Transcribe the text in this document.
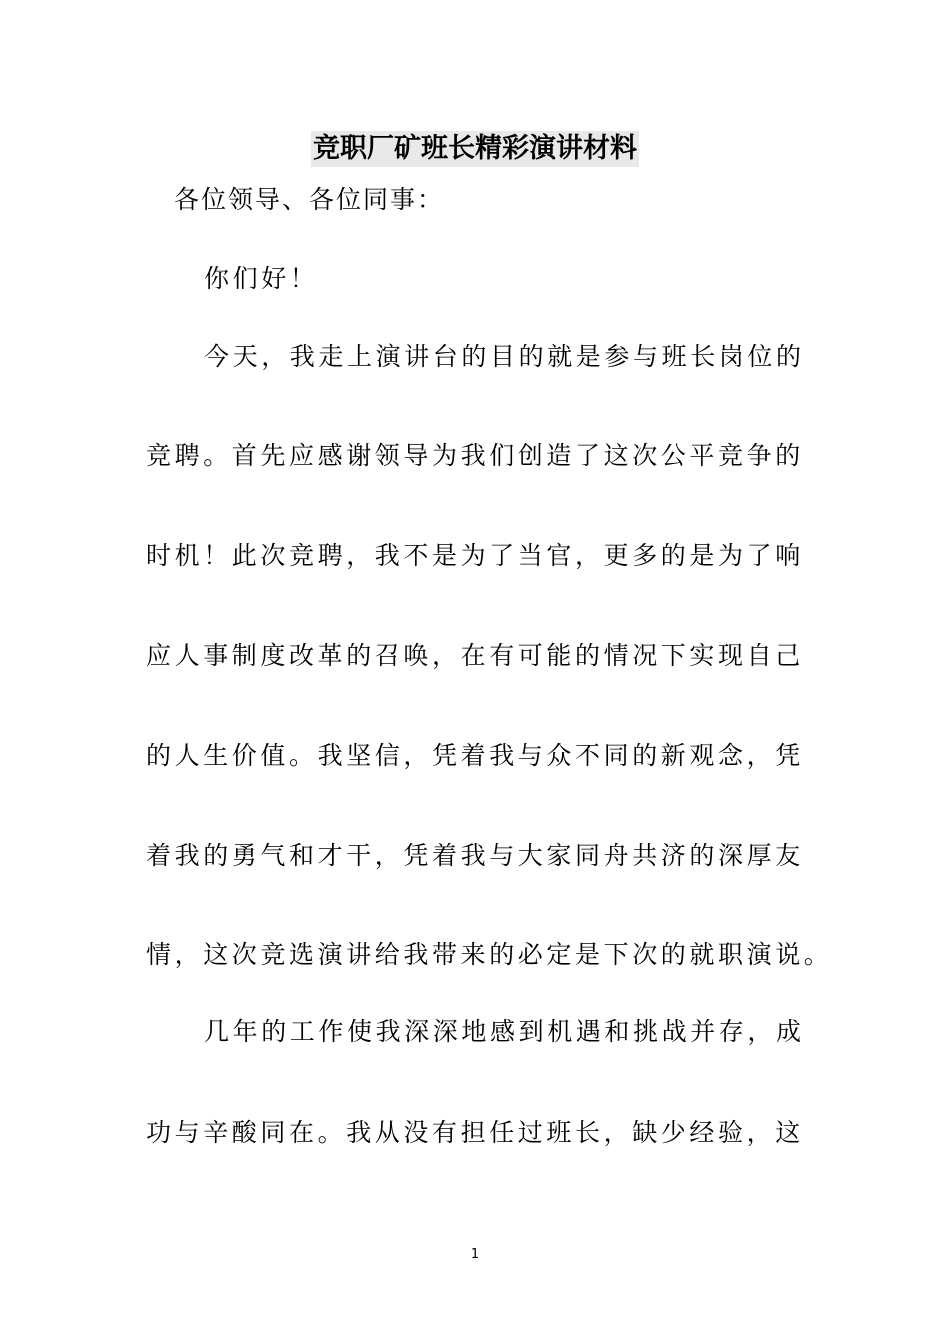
竞职厂矿班长精彩演讲材料
各位领导、各位同事：
你们好！
今天，我走上演讲台的目的就是参与班长岗位的
竞聘。首先应感谢领导为我们创造了这次公平竞争的
时机！此次竞聘，我不是为了当官，更多的是为了响
应人事制度改革的召唤，在有可能的情况下实现自己
的人生价值。我坚信，凭着我与众不同的新观念，凭
着我的勇气和才干，凭着我与大家同舟共济的深厚友
情，这次竞选演讲给我带来的必定是下次的就职演说。
几年的工作使我深深地感到机遇和挑战并存，成
功与辛酸同在。我从没有担任过班长，缺少经验，这
1
